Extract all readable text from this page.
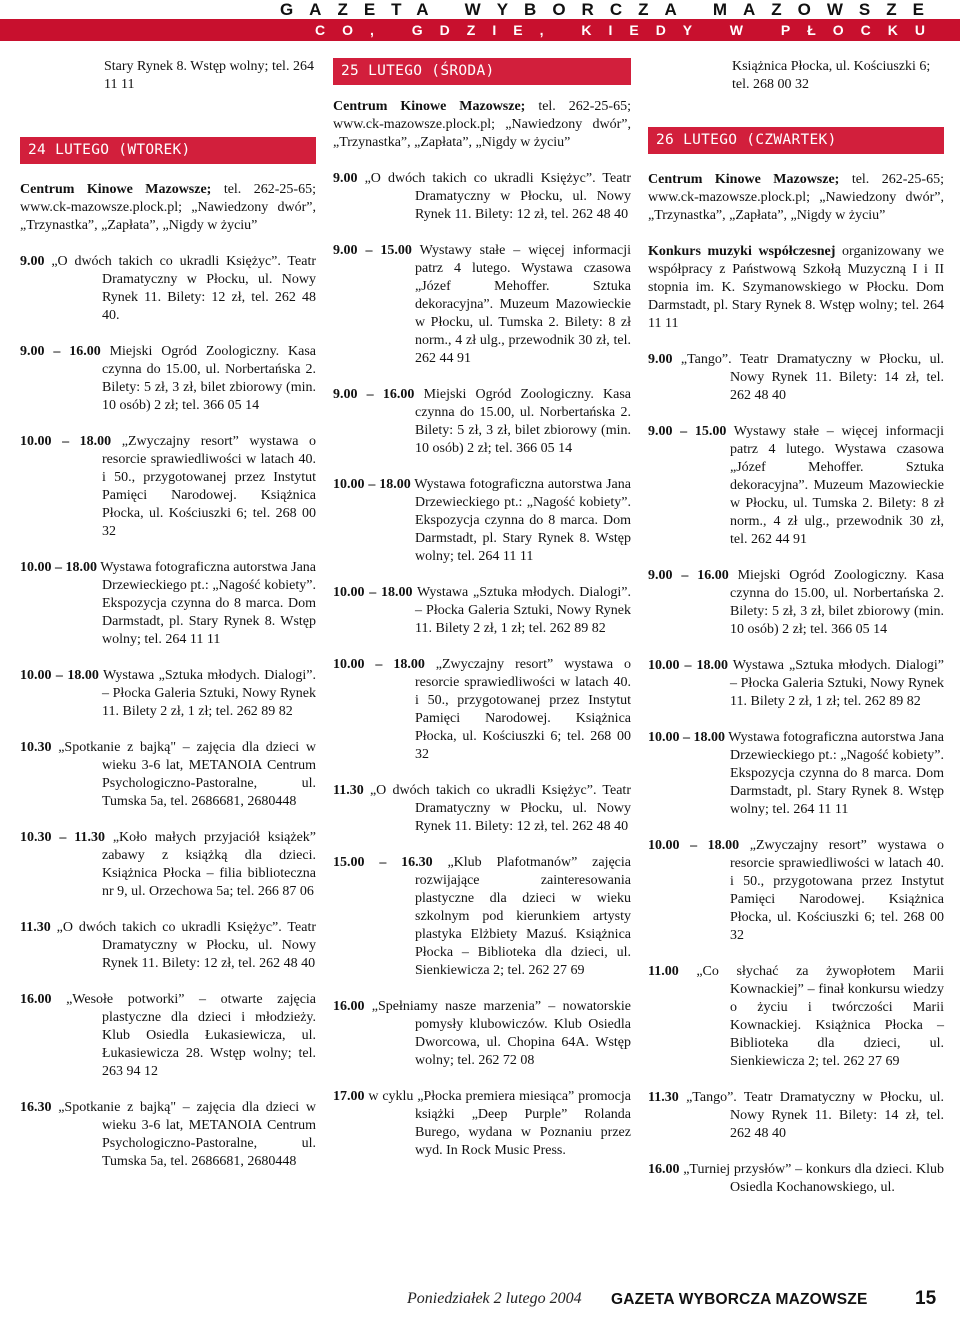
GAZETA WYBORCZA MAZOWSZE
CO, GDZIE, KIEDY W PŁOCKU
Stary Rynek 8. Wstęp wolny; tel. 264 11 11
24 LUTEGO (WTOREK)
Centrum Kinowe Mazowsze; tel. 262-25-65; www.ck-mazowsze.plock.pl; „Nawiedzony dwór”, „Trzynastka”, „Zapłata”, „Nigdy w życiu”
9.00 „O dwóch takich co ukradli Księżyc”. Teatr Dramatyczny w Płocku, ul. Nowy Rynek 11. Bilety: 12 zł, tel. 262 48 40.
9.00 – 16.00 Miejski Ogród Zoologiczny. Kasa czynna do 15.00, ul. Norbertańska 2. Bilety: 5 zł, 3 zł, bilet zbiorowy (min. 10 osób) 2 zł; tel. 366 05 14
10.00 – 18.00 „Zwyczajny resort” wystawa o resorcie sprawiedliwości w latach 40. i 50., przygotowanej przez Instytut Pamięci Narodowej. Książnica Płocka, ul. Kościuszki 6; tel. 268 00 32
10.00 – 18.00 Wystawa fotograficzna autorstwa Jana Drzewieckiego pt.: „Nagość kobiety”. Ekspozycja czynna do 8 marca. Dom Darmstadt, pl. Stary Rynek 8. Wstęp wolny; tel. 264 11 11
10.00 – 18.00 Wystawa „Sztuka młodych. Dialogi”. – Płocka Galeria Sztuki, Nowy Rynek 11. Bilety 2 zł, 1 zł; tel. 262 89 82
10.30 „Spotkanie z bajką" – zajęcia dla dzieci w wieku 3-6 lat, METANOIA Centrum Psychologiczno-Pastoralne, ul. Tumska 5a, tel. 2686681, 2680448
10.30 – 11.30 „Koło małych przyjaciół książek” zabawy z książką dla dzieci. Książnica Płocka – filia biblioteczna nr 9, ul. Orzechowa 5a; tel. 266 87 06
11.30 „O dwóch takich co ukradli Księżyc”. Teatr Dramatyczny w Płocku, ul. Nowy Rynek 11. Bilety: 12 zł, tel. 262 48 40
16.00 „Wesołe potworki” – otwarte zajęcia plastyczne dla dzieci i młodzieży. Klub Osiedla Łukasiewicza, ul. Łukasiewicza 28. Wstęp wolny; tel. 263 94 12
16.30 „Spotkanie z bajką" – zajęcia dla dzieci w wieku 3-6 lat, METANOIA Centrum Psychologiczno-Pastoralne, ul. Tumska 5a, tel. 2686681, 2680448
25 LUTEGO (ŚRODA)
Centrum Kinowe Mazowsze; tel. 262-25-65; www.ck-mazowsze.plock.pl; „Nawiedzony dwór”, „Trzynastka”, „Zapłata”, „Nigdy w życiu”
9.00 „O dwóch takich co ukradli Księżyc”. Teatr Dramatyczny w Płocku, ul. Nowy Rynek 11. Bilety: 12 zł, tel. 262 48 40
9.00 – 15.00 Wystawy stałe – więcej informacji patrz 4 lutego. Wystawa czasowa „Józef Mehoffer. Sztuka dekoracyjna”. Muzeum Mazowieckie w Płocku, ul. Tumska 2. Bilety: 8 zł norm., 4 zł ulg., przewodnik 30 zł, tel. 262 44 91
9.00 – 16.00 Miejski Ogród Zoologiczny. Kasa czynna do 15.00, ul. Norbertańska 2. Bilety: 5 zł, 3 zł, bilet zbiorowy (min. 10 osób) 2 zł; tel. 366 05 14
10.00 – 18.00 Wystawa fotograficzna autorstwa Jana Drzewieckiego pt.: „Nagość kobiety”. Ekspozycja czynna do 8 marca. Dom Darmstadt, pl. Stary Rynek 8. Wstęp wolny; tel. 264 11 11
10.00 – 18.00 Wystawa „Sztuka młodych. Dialogi”. – Płocka Galeria Sztuki, Nowy Rynek 11. Bilety 2 zł, 1 zł; tel. 262 89 82
10.00 – 18.00 „Zwyczajny resort” wystawa o resorcie sprawiedliwości w latach 40. i 50., przygotowanej przez Instytut Pamięci Narodowej. Książnica Płocka, ul. Kościuszki 6; tel. 268 00 32
11.30 „O dwóch takich co ukradli Księżyc”. Teatr Dramatyczny w Płocku, ul. Nowy Rynek 11. Bilety: 12 zł, tel. 262 48 40
15.00 – 16.30 „Klub Plafotmanów” zajęcia rozwijające zainteresowania plastyczne dla dzieci w wieku szkolnym pod kierunkiem artysty plastyka Elżbiety Mazuś. Książnica Płocka – Biblioteka dla dzieci, ul. Sienkiewicza 2; tel. 262 27 69
16.00 „Spełniamy nasze marzenia” – nowatorskie pomysły klubowiczów. Klub Osiedla Dworcowa, ul. Chopina 64A. Wstęp wolny; tel. 262 72 08
17.00 w cyklu „Płocka premiera miesiąca” promocja książki „Deep Purple” Rolanda Burego, wydana w Poznaniu przez wyd. In Rock Music Press.
Książnica Płocka, ul. Kościuszki 6; tel. 268 00 32
26 LUTEGO (CZWARTEK)
Centrum Kinowe Mazowsze; tel. 262-25-65; www.ck-mazowsze.plock.pl; „Nawiedzony dwór”, „Trzynastka”, „Zapłata”, „Nigdy w życiu”
Konkurs muzyki współczesnej organizowany we współpracy z Państwową Szkołą Muzyczną I i II stopnia im. K. Szymanowskiego w Płocku. Dom Darmstadt, pl. Stary Rynek 8. Wstęp wolny; tel. 264 11 11
9.00 „Tango”. Teatr Dramatyczny w Płocku, ul. Nowy Rynek 11. Bilety: 14 zł, tel. 262 48 40
9.00 – 15.00 Wystawy stałe – więcej informacji patrz 4 lutego. Wystawa czasowa „Józef Mehoffer. Sztuka dekoracyjna”. Muzeum Mazowieckie w Płocku, ul. Tumska 2. Bilety: 8 zł norm., 4 zł ulg., przewodnik 30 zł, tel. 262 44 91
9.00 – 16.00 Miejski Ogród Zoologiczny. Kasa czynna do 15.00, ul. Norbertańska 2. Bilety: 5 zł, 3 zł, bilet zbiorowy (min. 10 osób) 2 zł; tel. 366 05 14
10.00 – 18.00 Wystawa „Sztuka młodych. Dialogi” – Płocka Galeria Sztuki, Nowy Rynek 11. Bilety 2 zł, 1 zł; tel. 262 89 82
10.00 – 18.00 Wystawa fotograficzna autorstwa Jana Drzewieckiego pt.: „Nagość kobiety”. Ekspozycja czynna do 8 marca. Dom Darmstadt, pl. Stary Rynek 8. Wstęp wolny; tel. 264 11 11
10.00 – 18.00 „Zwyczajny resort” wystawa o resorcie sprawiedliwości w latach 40. i 50., przygotowana przez Instytut Pamięci Narodowej. Książnica Płocka, ul. Kościuszki 6; tel. 268 00 32
11.00 „Co słychać za żywopłotem Marii Kownackiej” – finał konkursu wiedzy o życiu i twórczości Marii Kownackiej. Książnica Płocka – Biblioteka dla dzieci, ul. Sienkiewicza 2; tel. 262 27 69
11.30 „Tango”. Teatr Dramatyczny w Płocku, ul. Nowy Rynek 11. Bilety: 14 zł, tel. 262 48 40
16.00 „Turniej przysłów” – konkurs dla dzieci. Klub Osiedla Kochanowskiego, ul.
Poniedziałek 2 lutego 2004 GAZETA WYBORCZA MAZOWSZE 15
